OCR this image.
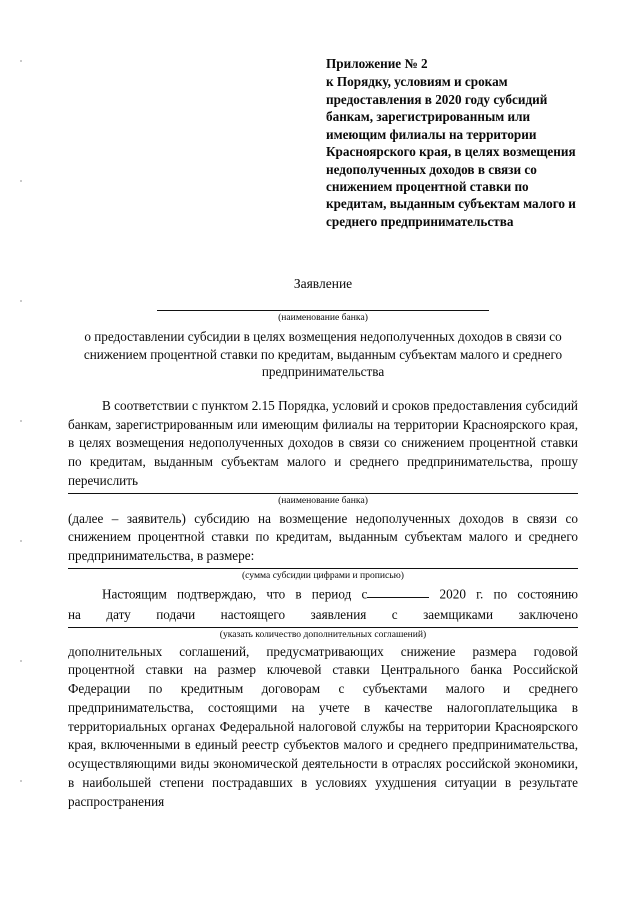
Приложение № 2
к Порядку, условиям и срокам предоставления в 2020 году субсидий банкам, зарегистрированным или имеющим филиалы на территории Красноярского края, в целях возмещения недополученных доходов в связи со снижением процентной ставки по кредитам, выданным субъектам малого и среднего предпринимательства
Заявление
(наименование банка)
о предоставлении субсидии в целях возмещения недополученных доходов в связи со снижением процентной ставки по кредитам, выданным субъектам малого и среднего предпринимательства
В соответствии с пунктом 2.15 Порядка, условий и сроков предоставления субсидий банкам, зарегистрированным или имеющим филиалы на территории Красноярского края, в целях возмещения недополученных доходов в связи со снижением процентной ставки по кредитам, выданным субъектам малого и среднего предпринимательства, прошу перечислить
(наименование банка)
(далее – заявитель) субсидию на возмещение недополученных доходов в связи со снижением процентной ставки по кредитам, выданным субъектам малого и среднего предпринимательства, в размере:
(сумма субсидии цифрами и прописью)
Настоящим подтверждаю, что в период с	2020 г. по состоянию
на дату подачи настоящего заявления с заемщиками заключено
(указать количество дополнительных соглашений)
дополнительных соглашений, предусматривающих снижение размера годовой процентной ставки на размер ключевой ставки Центрального банка Российской Федерации по кредитным договорам с субъектами малого и среднего предпринимательства, состоящими на учете в качестве налогоплательщика в территориальных органах Федеральной налоговой службы на территории Красноярского края, включенными в единый реестр субъектов малого и среднего предпринимательства, осуществляющими виды экономической деятельности в отраслях российской экономики, в наибольшей степени пострадавших в условиях ухудшения ситуации в результате распространения
